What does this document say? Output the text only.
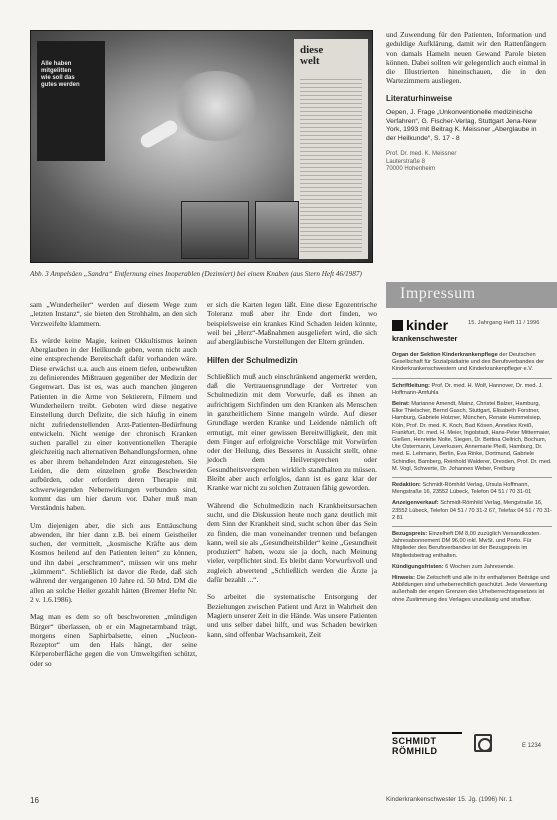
Alle haben
mitgelitten
wie soll das
gutes werden
diese
welt
Abb. 3 Ampelsäen „Sandra“ Entfernung eines Inoperablen (Dezimiert) bei einem Knaben (aus Stern Heft 46/1987)

sam „Wunderheiler“ werden auf diesem Wege zum „letzten Instanz“, sie bieten den Strohhalm, an den sich Verzweifelte klammern.

Es würde keine Magie, keinen Okkultismus keinen Aberglauben in der Heilkunde geben, wenn nicht auch eine entsprechende Bereitschaft dafür vorhanden wäre. Diese erwächst u.a. auch aus einem tiefen, unbewußten zu definierendes Mißtrauen gegenüber der Medizin der Gegenwart. Das ist es, was auch manchen jüngeren Patienten in die Arme von Sektierern, Filmern und Wunderheilern treibt. Geboten wird diese negative Einstellung durch Defizite, die sich häufig in einem nicht zufriedenstellenden Arzt-Patienten-Bedürfnung entwickeln. Nicht wenige der chronisch Kranken suchen parallel zu einer konventionellen Therapie gleichzeitig nach alternativen Behandlungsformen, ohne es aber ihrem behandelnden Arzt einzugestehen. Sie Leiden, die dem einzelnen große Beschwerden aufbürden, oder erfordern deren Therapie mit schwerwiegenden Nebenwirkungen verbunden sind, kommt das um hier darum vor. Daher muß man Verständnis haben.

Um diejenigen aber, die sich aus Enttäuschung abwenden, ihr hier dann z.B. bei einem Geistheiler suchen, der vermittelt, „kosmische Kräfte aus dem Kosmos heilend auf den Patienten leiten“ zu können, und ihn dabei „erschrammen“, müssen wir uns mehr „kümmern“. Schließlich ist davor die Rede, daß sich während der vergangenen 10 Jahre rd. 50 Mrd. DM die allen an solche Heiler gezahlt hätten (Bremer Hefte Nr. 2 v. 1.6.1986).

Mag man es dem so oft beschworenen „mündigen Bürger“ überlassen, ob er ein Magnetarmband trägt, morgens einen Saphirbalsette, einen „Nucleon-Rezeptor“ um den Hals hängt, der seine Körperoberfläche gegen die von Umweltgiften schützt, oder so

er sich die Karten legen läßt. Eine diese Egozentrische Toleranz muß aber ihr Ende dort finden, wo beispielsweise ein krankes Kind Schaden leiden könnte, weil bei „Herz“-Maßnahmen ausgeliefert wird, die sich auf abergläubische Vorstellungen der Eltern gründen.

Hilfen der Schulmedizin

Schließlich muß auch einschränkend angemerkt werden, daß die Vertrauensgrundlage der Vertreter von Schulmedizin mit dem Vorwurfe, daß es ihnen an aufrichtigem Sichfinden um den Kranken als Menschen in ganzheitlichem Sinne mangeln würde. Auf dieser Grundlage werden Kranke und Leidende nämlich oft ermutigt, mit einer gewissen Bereitwilligkeit, den mit dem Finger auf erfolgreiche Vorschläge mit Vorwürfen oder der Heilung, dies Besseres in Aussicht stellt, ohne jedoch dem Heilversprechen oder Gesundheitsversprechen wirklich standhalten zu müssen. Bleibt aber auch erfolglos, dann ist es ganz klar der Kranke war nicht zu solchen Zutrauen fähig geworden.

Während die Schulmedizin nach Krankheitsursachen sucht, und die Diskussion heute noch ganz deutlich mit dem Sinn der Krankheit sind, sucht schon über das Sein zu finden, die man voneinander trennen und befangen kann, weil sie als „Gesundheitsbilder“ keine „Gesundheit produziert“ haben, wozu sie ja doch, nach Meinung vieler, verpflichtet sind. Es bleibt dann Vorwurfsvoll und zugleich abwertend „Schließlich werden die Ärzte ja dafür bezahlt ...“.

So arbeitet die systematische Entsorgung der Beziehungen zwischen Patient und Arzt in Wahrheit den Magiern unserer Zeit in die Hände. Was unsere Patienten und uns selber dabei hilft, und was Schaden bewirken kann, sind offenbar Wachsamkeit, Zeit

und Zuwendung für den Patienten, Information und geduldige Aufklärung, damit wir den Rattenfängern von damals Hameln neuen Gewand Parole bieten können. Dabei sollten wir gelegentlich auch einmal in die Illustrierten hineinschauen, die in den Wartezimmern ausliegen.

Literaturhinweise

Oepen, J. Frage „Unkonventionelle medizinische Verfahren“, G. Fischer-Verlag, Stuttgart Jena-New York, 1993 mit Beitrag K. Meissner „Aberglaube in der Heilkunde“, S. 17 - 8

Prof. Dr. med. K. Meissner
Lauterstraße 8
70000 Hohenheim

Impressum
kinder
krankenschwester
15. Jahrgang Heft 11 / 1996
Organ der Sektion Kinderkrankenpflege der Deutschen Gesellschaft für Sozialpädiatrie und des Berufsverbandes der Kinderkrankenschwestern und Kinderkrankenpfleger e.V.
Schriftleitung: Prof. Dr. med. H. Wolf, Hannover, Dr. med. J. Hoffmann-Amfuhla
Beirat: Marianne Amendt, Mainz, Christel Balzer, Hamburg, Elke Thielscher, Bernd Gasch, Stuttgart, Elisabeth Forstner, Hamburg, Gabriele Holzner, München, Renate Hummelsiep, Köln, Prof. Dr. med. K. Koch, Bad Kösen, Annelies Kreiß, Frankfurt, Dr. med. H. Meier, Ingolstadt, Hans-Peter Mittermaier, Gießen, Henriette Nolte, Siegen, Dr. Bettina Oellrich, Bochum, Ute Ostermann, Leverkusen, Annemarie Pleiß, Hamburg, Dr. med. E. Lehmann, Berlin, Eva Rinke, Dortmund, Gabriele Schindler, Bamberg, Reinhold Walderer, Dresden, Prof. Dr. med. M. Vogl, Schwerte, Dr. Johannes Weber, Freiburg
Redaktion: Schmidt-Römhild Verlag, Ursula Hoffmann, Mengstraße 16, 23552 Lübeck, Telefon 04 51 / 70 31-01
Anzeigenverkauf: Schmidt-Römhild Verlag, Mengstraße 16, 23552 Lübeck, Telefon 04 51 / 70 31-2 67, Telefax 04 51 / 70 31-2 81
Bezugspreis: Einzelheft DM 8,00 zuzüglich Versandkosten. Jahresabonnement DM 96,00 inkl. MwSt. und Porto. Für Mitglieder des Berufsverbandes ist der Bezugspreis im Mitgliedsbeitrag enthalten.
Kündigungsfristen: 6 Wochen zum Jahresende.
Hinweis: Die Zeitschrift und alle in ihr enthaltenen Beiträge und Abbildungen sind urheberrechtlich geschützt. Jede Verwertung außerhalb der engen Grenzen des Urheberrechtsgesetzes ist ohne Zustimmung des Verlages unzulässig und strafbar.
SCHMIDT
RÖMHILD	E 1234
16	Kinderkrankenschwester 15. Jg. (1996) Nr. 1
